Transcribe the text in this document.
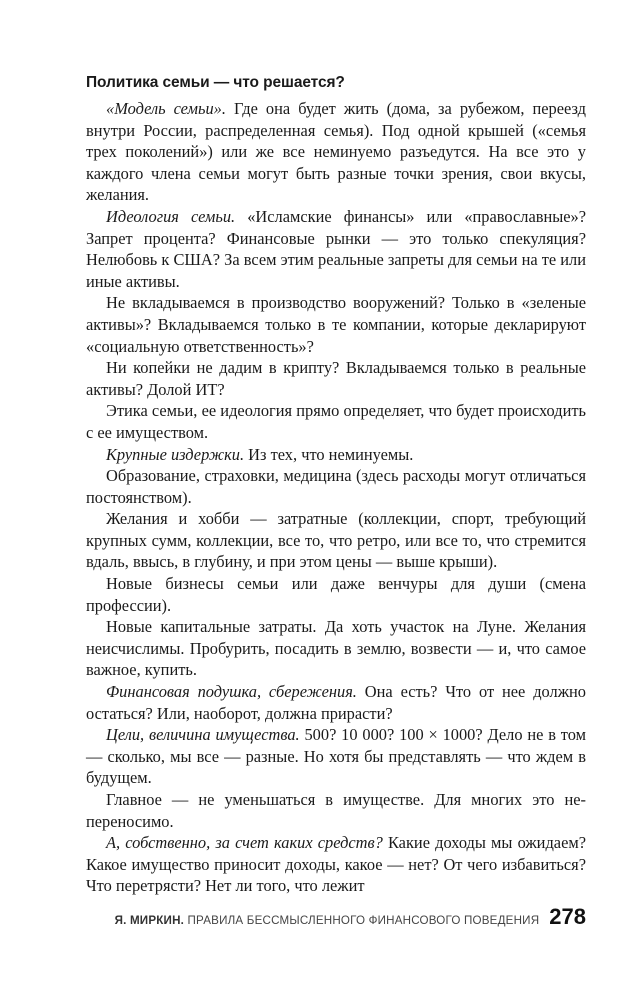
Политика семьи — что решается?

«Модель семьи». Где она будет жить (дома, за рубежом, переезд внутри России, распределенная семья). Под одной крышей («семья трех поколений») или же все неминуемо разъедутся. На все это у каждого члена семьи могут быть разные точки зрения, свои вкусы, желания.

Идеология семьи. «Исламские финансы» или «православные»? Запрет процента? Финансовые рынки — это только спекуляция? Нелюбовь к США? За всем этим реальные запреты для семьи на те или иные активы.

Не вкладываемся в производство вооружений? Только в «зеленые активы»? Вкладываемся только в те компании, которые декларируют «социальную ответственность»?

Ни копейки не дадим в крипту? Вкладываемся только в реальные активы? Долой ИТ?

Этика семьи, ее идеология прямо определяет, что будет происходить с ее имуществом.

Крупные издержки. Из тех, что неминуемы.

Образование, страховки, медицина (здесь расходы могут отличаться постоянством).

Желания и хобби — затратные (коллекции, спорт, требующий крупных сумм, коллекции, все то, что ретро, или все то, что стремится вдаль, ввысь, в глубину, и при этом цены — выше крыши).

Новые бизнесы семьи или даже венчуры для души (смена профессии).

Новые капитальные затраты. Да хоть участок на Луне. Желания неисчислимы. Пробурить, посадить в землю, возвести — и, что самое важное, купить.

Финансовая подушка, сбережения. Она есть? Что от нее должно остаться? Или, наоборот, должна прирасти?

Цели, величина имущества. 500? 10 000? 100 × 1000? Дело не в том — сколько, мы все — разные. Но хотя бы представлять — что ждем в будущем.

Главное — не уменьшаться в имуществе. Для многих это непереносимо.

А, собственно, за счет каких средств? Какие доходы мы ожидаем? Какое имущество приносит доходы, какое — нет? От чего избавиться? Что перетрясти? Нет ли того, что лежит

Я. МИРКИН. ПРАВИЛА БЕССМЫСЛЕННОГО ФИНАНСОВОГО ПОВЕДЕНИЯ 278
